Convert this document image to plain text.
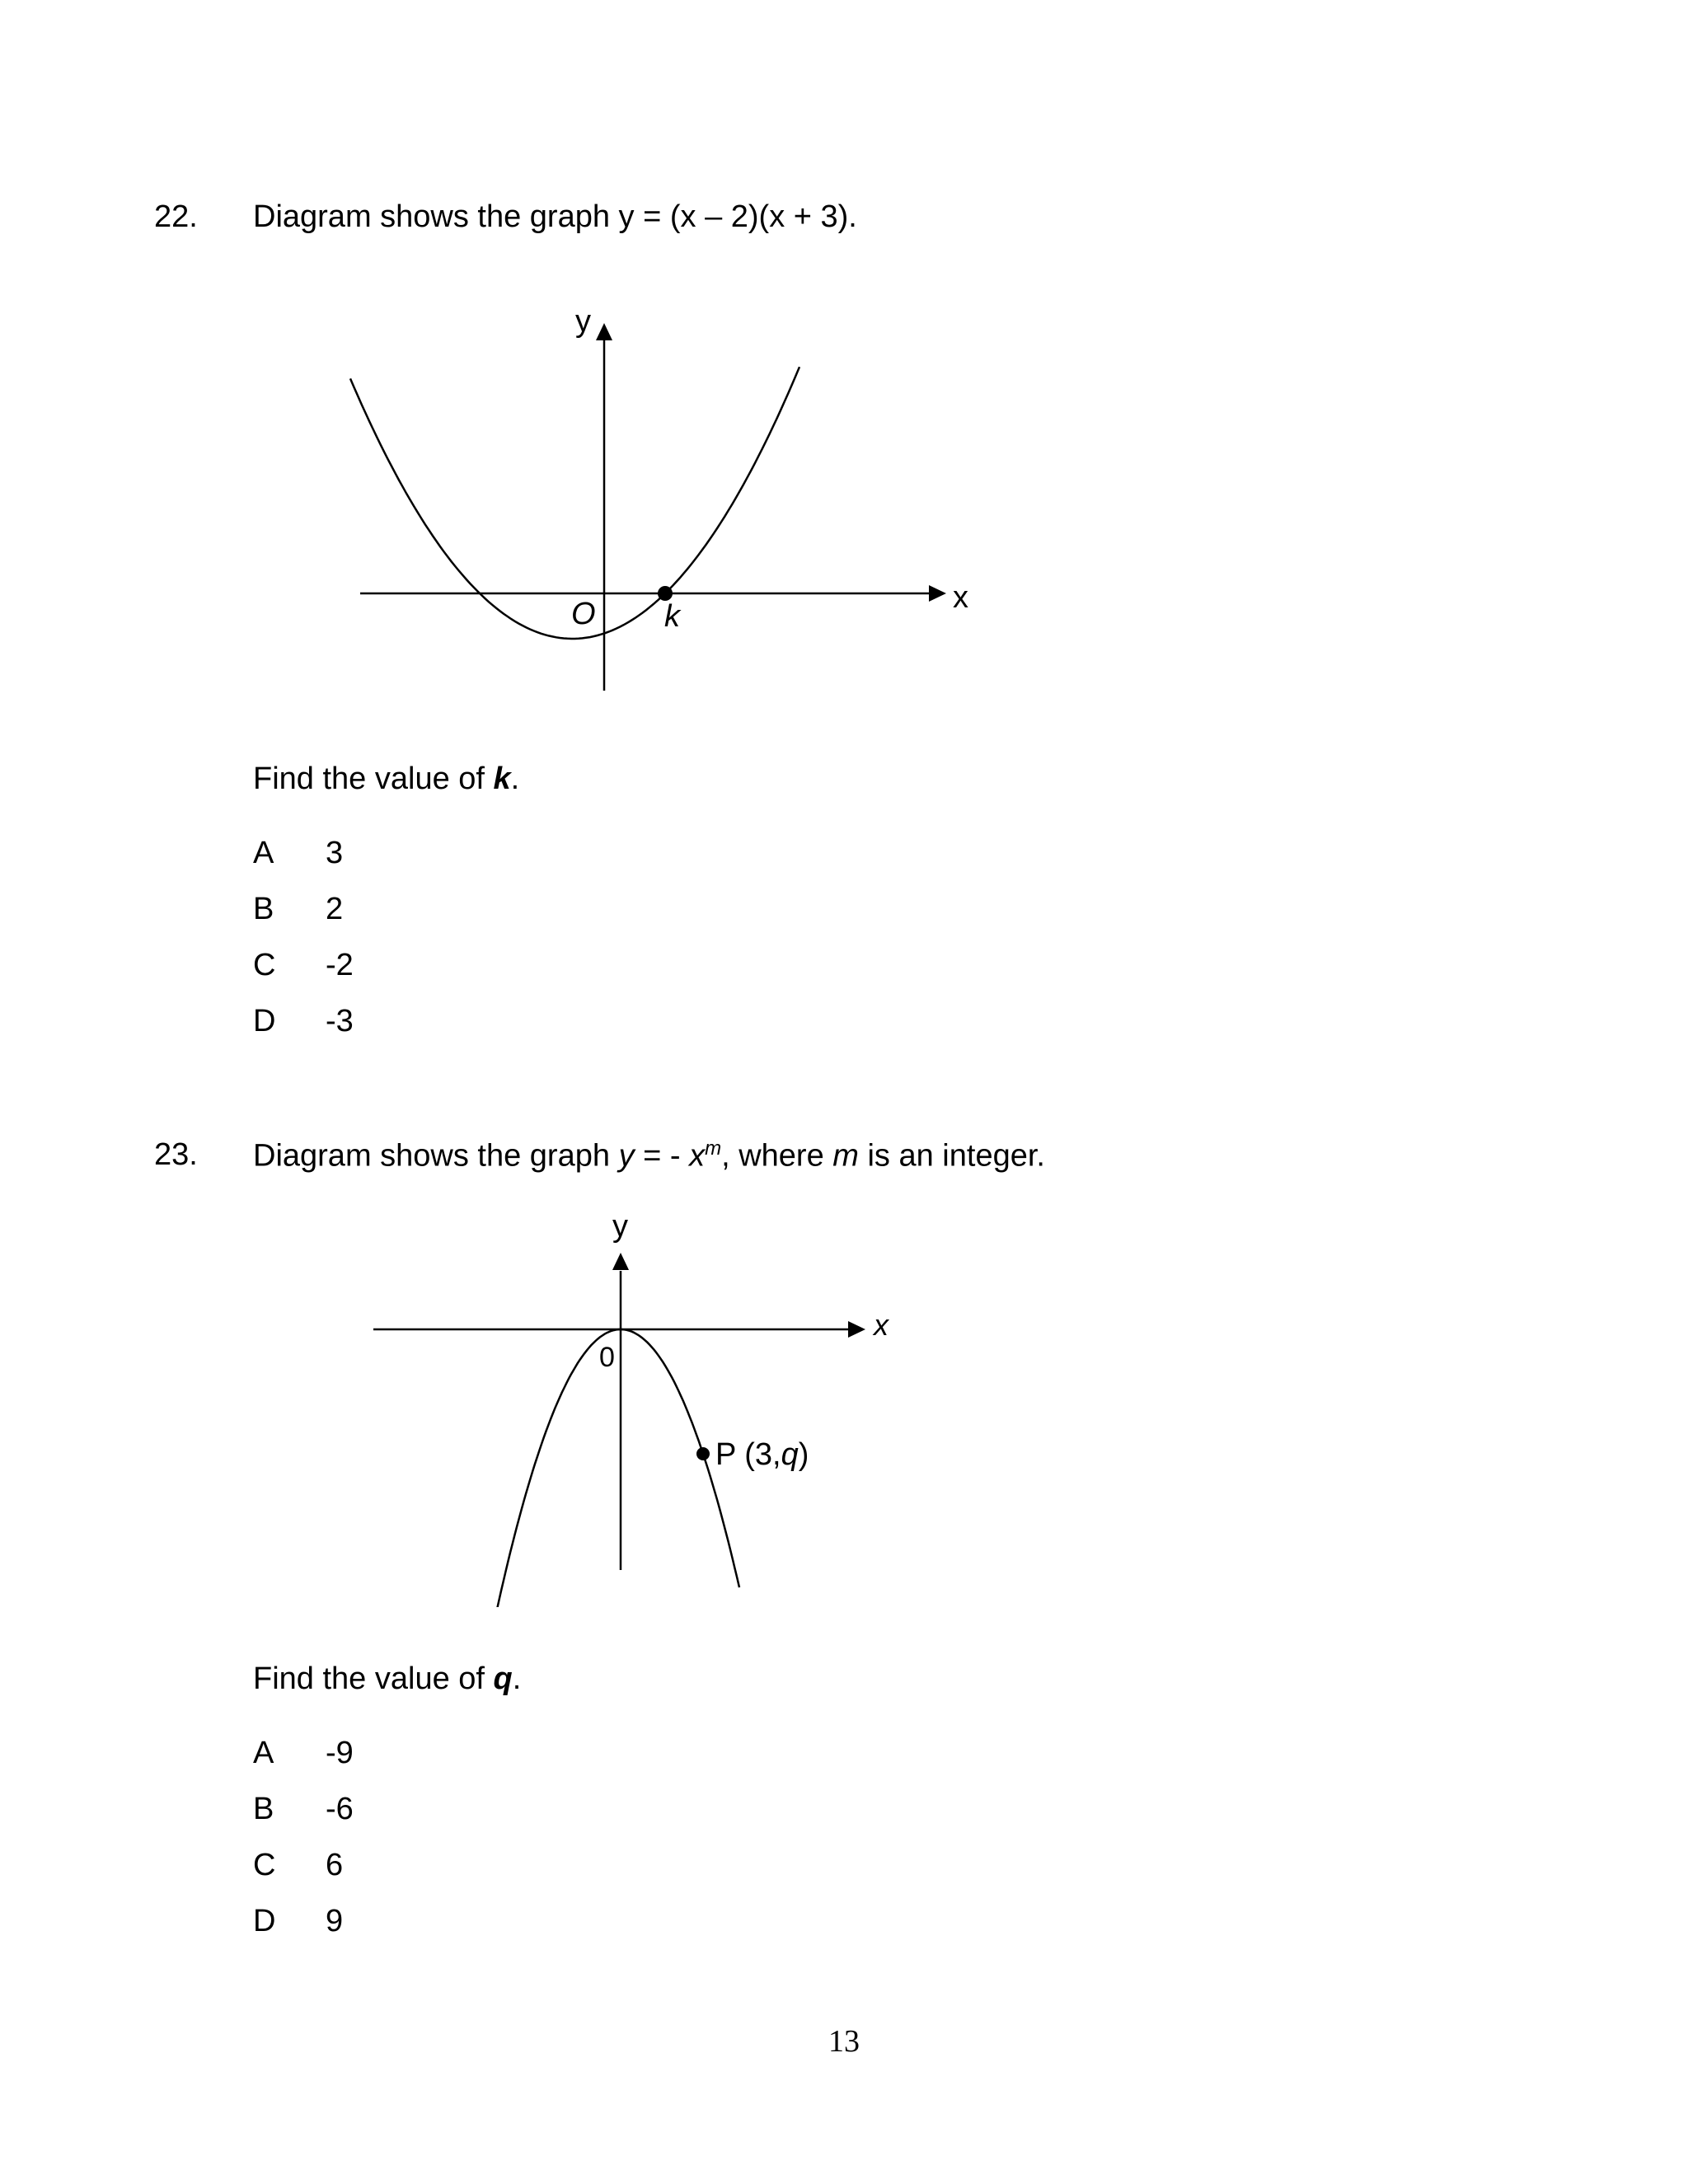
22. Diagram shows the graph y = (x – 2)(x + 3).
y
x
O k
Find the value of k.
A 3
B 2
C -2
D -3
23. Diagram shows the graph y = - $x^m$, where m is an integer.
y
x
0
P (3,q)
Find the value of q.
A -9
B -6
C 6
D 9
13
